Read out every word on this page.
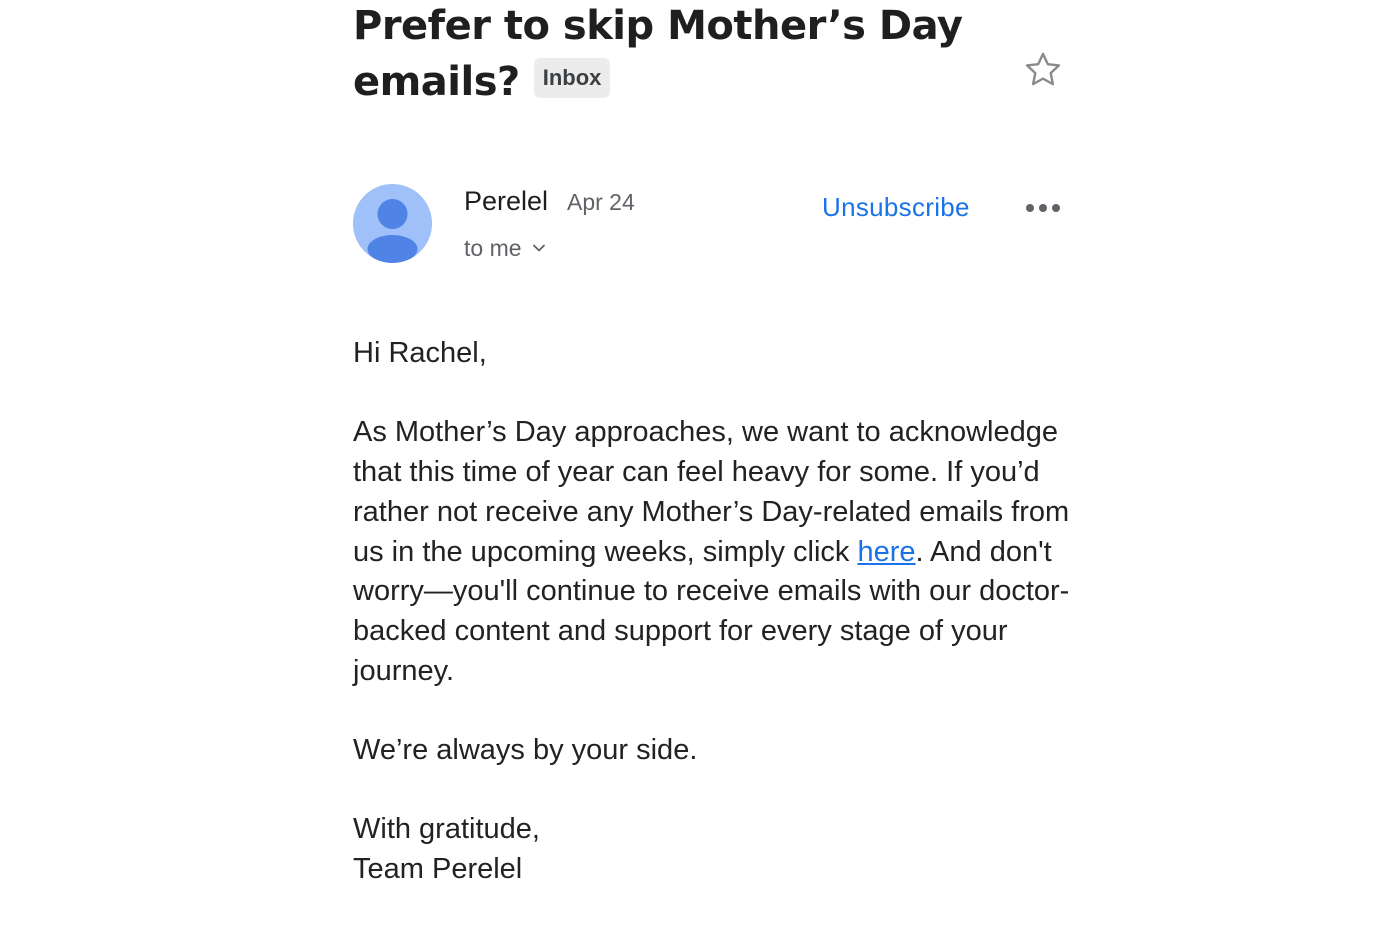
Prefer to skip Mother’s Day
emails? Inbox
Perelel Apr 24
to me
Unsubscribe

Hi Rachel,

As Mother’s Day approaches, we want to acknowledge that this time of year can feel heavy for some. If you’d rather not receive any Mother’s Day-related emails from us in the upcoming weeks, simply click here. And don't worry—you'll continue to receive emails with our doctor-backed content and support for every stage of your journey.

We’re always by your side.

With gratitude,

Team Perelel
